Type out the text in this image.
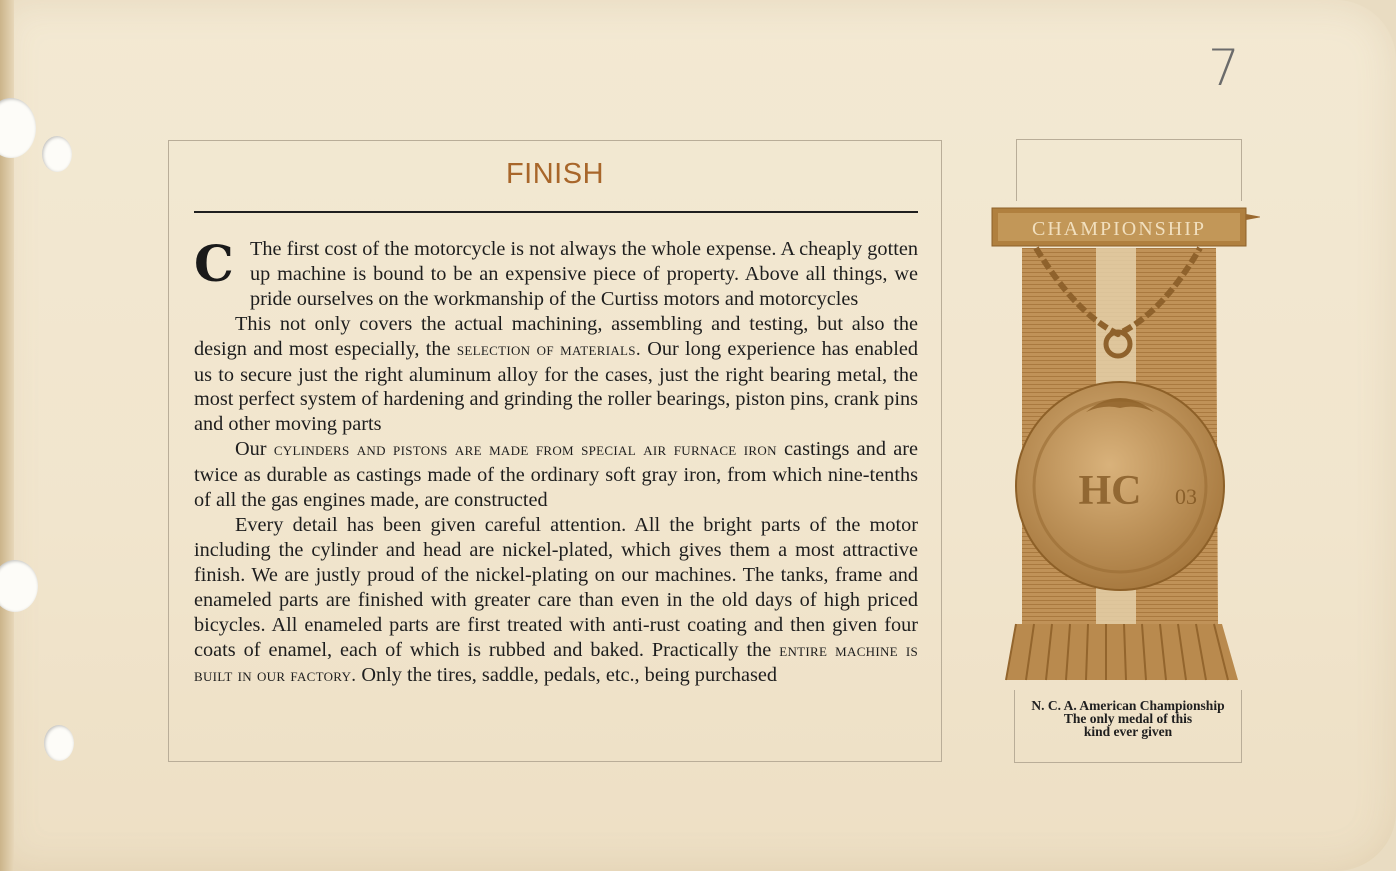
7
FINISH

C The first cost of the motorcycle is not always the whole expense. A cheaply gotten up machine is bound to be an expensive piece of property. Above all things, we pride ourselves on the workmanship of the Curtiss motors and motorcycles

This not only covers the actual machining, assembling and testing, but also the design and most especially, the selection of materials. Our long experience has enabled us to secure just the right aluminum alloy for the cases, just the right bearing metal, the most perfect system of hardening and grinding the roller bearings, piston pins, crank pins and other moving parts

Our cylinders and pistons are made from special air furnace iron castings and are twice as durable as castings made of the ordinary soft gray iron, from which nine-tenths of all the gas engines made, are constructed

Every detail has been given careful attention. All the bright parts of the motor including the cylinder and head are nickel-plated, which gives them a most attractive finish. We are justly proud of the nickel-plating on our machines. The tanks, frame and enameled parts are finished with greater care than even in the old days of high priced bicycles. All enameled parts are first treated with anti-rust coating and then given four coats of enamel, each of which is rubbed and baked. Practically the entire machine is built in our factory. Only the tires, saddle, pedals, etc., being purchased

CHAMPIONSHIP
HC 03
N. C. A. American Championship
The only medal of this
kind ever given
